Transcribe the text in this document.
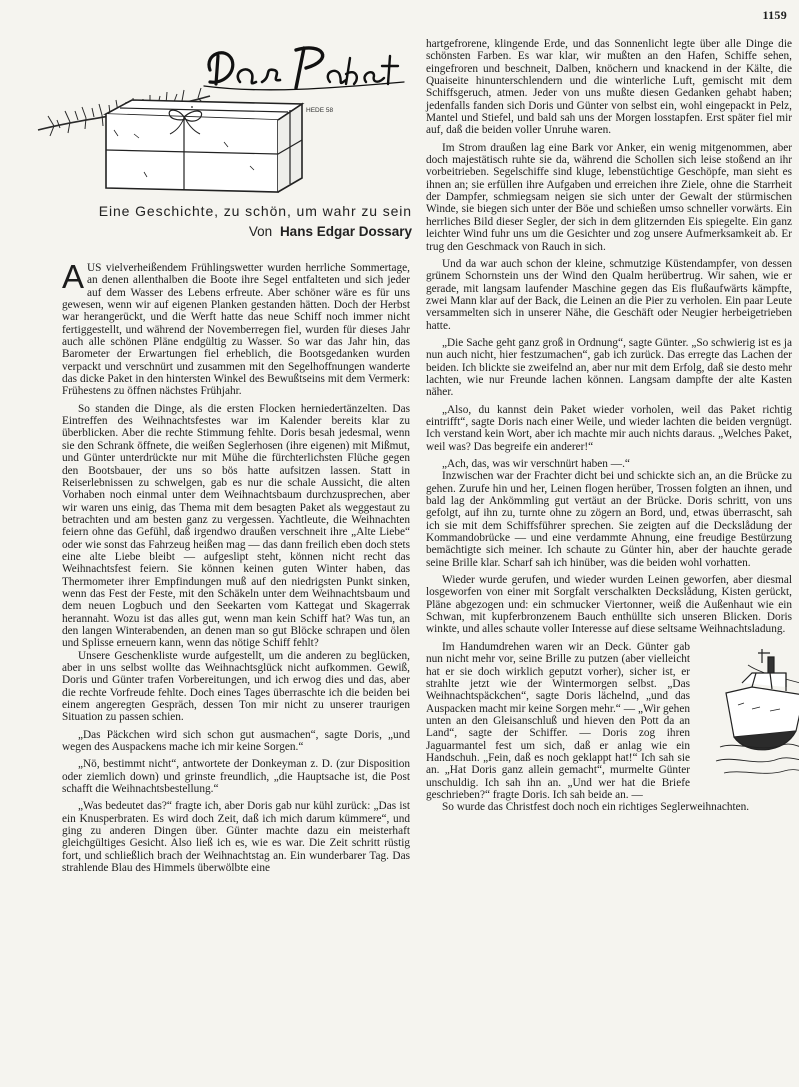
1159
HEDE 58
Eine Geschichte, zu schön, um wahr zu sein
Von Hans Edgar Dossary

A US vielverheißendem Frühlingswetter wurden herrliche Sommertage, an denen allenthalben die Boote ihre Segel entfalteten und sich jeder auf dem Wasser des Lebens erfreute. Aber schöner wäre es für uns gewesen, wenn wir auf eigenen Planken gestanden hätten. Doch der Herbst war herangerückt, und die Werft hatte das neue Schiff noch immer nicht fertiggestellt, und während der Novemberregen fiel, wurden für dieses Jahr auch alle schönen Pläne endgültig zu Wasser. So war das Jahr hin, das Barometer der Erwartungen fiel erheblich, die Bootsgedanken wurden verpackt und verschnürt und zusammen mit den Segelhoffnungen wanderte das dicke Paket in den hintersten Winkel des Bewußtseins mit dem Vermerk: Frühestens zu öffnen nächstes Frühjahr.

So standen die Dinge, als die ersten Flocken herniedertänzelten. Das Eintreffen des Weihnachtsfestes war im Kalender bereits klar zu überblicken. Aber die rechte Stimmung fehlte. Doris besah jedesmal, wenn sie den Schrank öffnete, die weißen Seglerhosen (ihre eigenen) mit Mißmut, und Günter unterdrückte nur mit Mühe die fürchterlichsten Flüche gegen den Bootsbauer, der uns so bös hatte aufsitzen lassen. Statt in Reiserlebnissen zu schwelgen, gab es nur die schale Aussicht, die alten Vorhaben noch einmal unter dem Weihnachtsbaum durchzusprechen, aber wir waren uns einig, das Thema mit dem besagten Paket als weggestaut zu betrachten und am besten ganz zu vergessen. Yachtleute, die Weihnachten feiern ohne das Gefühl, daß irgendwo draußen verschneit ihre „Alte Liebe“ oder wie sonst das Fahrzeug heißen mag — das dann freilich eben doch stets eine alte Liebe bleibt — aufgeslipt steht, können nicht recht das Weihnachtsfest feiern. Sie können keinen guten Winter haben, das Thermometer ihrer Empfindungen muß auf den niedrigsten Punkt sinken, wenn das Fest der Feste, mit den Schäkeln unter dem Weihnachtsbaum und dem neuen Logbuch und den Seekarten vom Kattegat und Skagerrak herannaht. Wozu ist das alles gut, wenn man kein Schiff hat? Was tun, an den langen Winterabenden, an denen man so gut Blöcke schrapen und ölen und Splisse erneuern kann, wenn das nötige Schiff fehlt?

Unsere Geschenkliste wurde aufgestellt, um die anderen zu beglücken, aber in uns selbst wollte das Weihnachtsglück nicht aufkommen. Gewiß, Doris und Günter trafen Vorbereitungen, und ich erwog dies und das, aber die rechte Vorfreude fehlte. Doch eines Tages überraschte ich die beiden bei einem angeregten Gespräch, dessen Ton mir nicht zu unserer traurigen Situation zu passen schien.

„Das Päckchen wird sich schon gut ausmachen“, sagte Doris, „und wegen des Auspackens mache ich mir keine Sorgen.“

„Nö, bestimmt nicht“, antwortete der Donkeyman z. D. (zur Disposition oder ziemlich down) und grinste freundlich, „die Hauptsache ist, die Post schafft die Weihnachtsbestellung.“

„Was bedeutet das?“ fragte ich, aber Doris gab nur kühl zurück: „Das ist ein Knusperbraten. Es wird doch Zeit, daß ich mich darum kümmere“, und ging zu anderen Dingen über. Günter machte dazu ein meisterhaft gleichgültiges Gesicht. Also ließ ich es, wie es war. Die Zeit schritt rüstig fort, und schließlich brach der Weihnachtstag an. Ein wunderbarer Tag. Das strahlende Blau des Himmels überwölbte eine

hartgefrorene, klingende Erde, und das Sonnenlicht legte über alle Dinge die schönsten Farben. Es war klar, wir mußten an den Hafen, Schiffe sehen, eingefroren und beschneit, Dalben, knöchern und knackend in der Kälte, die Quaiseite hinunterschlendern und die winterliche Luft, gemischt mit dem Schiffsgeruch, atmen. Jeder von uns mußte diesen Gedanken gehabt haben; jedenfalls fanden sich Doris und Günter von selbst ein, wohl eingepackt in Pelz, Mantel und Stiefel, und bald sah uns der Morgen losstapfen. Erst später fiel mir auf, daß die beiden voller Unruhe waren.

Im Strom draußen lag eine Bark vor Anker, ein wenig mitgenommen, aber doch majestätisch ruhte sie da, während die Schollen sich leise stoßend an ihr vorbeitrieben. Segelschiffe sind kluge, lebenstüchtige Geschöpfe, man sieht es ihnen an; sie erfüllen ihre Aufgaben und erreichen ihre Ziele, ohne die Starrheit der Dampfer, schmiegsam neigen sie sich unter der Gewalt der stürmischen Winde, sie biegen sich unter der Böe und schießen umso schneller vorwärts. Ein herrliches Bild dieser Segler, der sich in dem glitzernden Eis spiegelte. Ein ganz leichter Wind fuhr uns um die Gesichter und zog unsere Aufmerksamkeit ab. Er trug den Geschmack von Rauch in sich.

Und da war auch schon der kleine, schmutzige Küstendampfer, von dessen grünem Schornstein uns der Wind den Qualm herübertrug. Wir sahen, wie er gerade, mit langsam laufender Maschine gegen das Eis flußaufwärts kämpfte, zwei Mann klar auf der Back, die Leinen an die Pier zu verholen. Ein paar Leute versammelten sich in unserer Nähe, die Geschäft oder Neugier herbeigetrieben hatte.

„Die Sache geht ganz groß in Ordnung“, sagte Günter. „So schwierig ist es ja nun auch nicht, hier festzumachen“, gab ich zurück. Das erregte das Lachen der beiden. Ich blickte sie zweifelnd an, aber nur mit dem Erfolg, daß sie desto mehr lachten, wie nur Freunde lachen können. Langsam dampfte der alte Kasten näher.

„Also, du kannst dein Paket wieder vorholen, weil das Paket richtig eintrifft“, sagte Doris nach einer Weile, und wieder lachten die beiden vergnügt. Ich verstand kein Wort, aber ich machte mir auch nichts daraus. „Welches Paket, weil was? Das begreife ein anderer!“

„Ach, das, was wir verschnürt haben —.“

Inzwischen war der Frachter dicht bei und schickte sich an, an die Brücke zu gehen. Zurufe hin und her, Leinen flogen herüber, Trossen folgten an ihnen, und bald lag der Ankömmling gut vertäut an der Brücke. Doris schritt, von uns gefolgt, auf ihn zu, turnte ohne zu zögern an Bord, und, etwas überrascht, sah ich sie mit dem Schiffsführer sprechen. Sie zeigten auf die Deckslådung der Kommandobrücke — und eine verdammte Ahnung, eine freudige Bestürzung bemächtigte sich meiner. Ich schaute zu Günter hin, aber der hauchte gerade seine Brille klar. Scharf sah ich hinüber, was die beiden wohl vorhatten.

Wieder wurde gerufen, und wieder wurden Leinen geworfen, aber diesmal losgeworfen von einer mit Sorgfalt verschalkten Deckslådung, Kisten gerückt, Pläne abgezogen und: ein schmucker Viertonner, weiß die Außenhaut wie ein Schwan, mit kupferbronzenem Bauch enthüllte sich unseren Blicken. Doris winkte, und alles schaute voller Interesse auf diese seltsame Weihnachtsladung.

Im Handumdrehen waren wir an Deck. Günter gab nun nicht mehr vor, seine Brille zu putzen (aber vielleicht hat er sie doch wirklich geputzt vorher), sicher ist, er strahlte jetzt wie der Wintermorgen selbst. „Das Weihnachtspäckchen“, sagte Doris lächelnd, „und das Auspacken macht mir keine Sorgen mehr.“ — „Wir gehen unten an den Gleisanschluß und hieven den Pott da an Land“, sagte der Schiffer. — Doris zog ihren Jaguarmantel fest um sich, daß er anlag wie ein Handschuh. „Fein, daß es noch geklappt hat!“ Ich sah sie an. „Hat Doris ganz allein gemacht“, murmelte Günter unschuldig. Ich sah ihn an. „Und wer hat die Briefe geschrieben?“ fragte Doris. Ich sah beide an. —

So wurde das Christfest doch noch ein richtiges Seglerweihnachten.
